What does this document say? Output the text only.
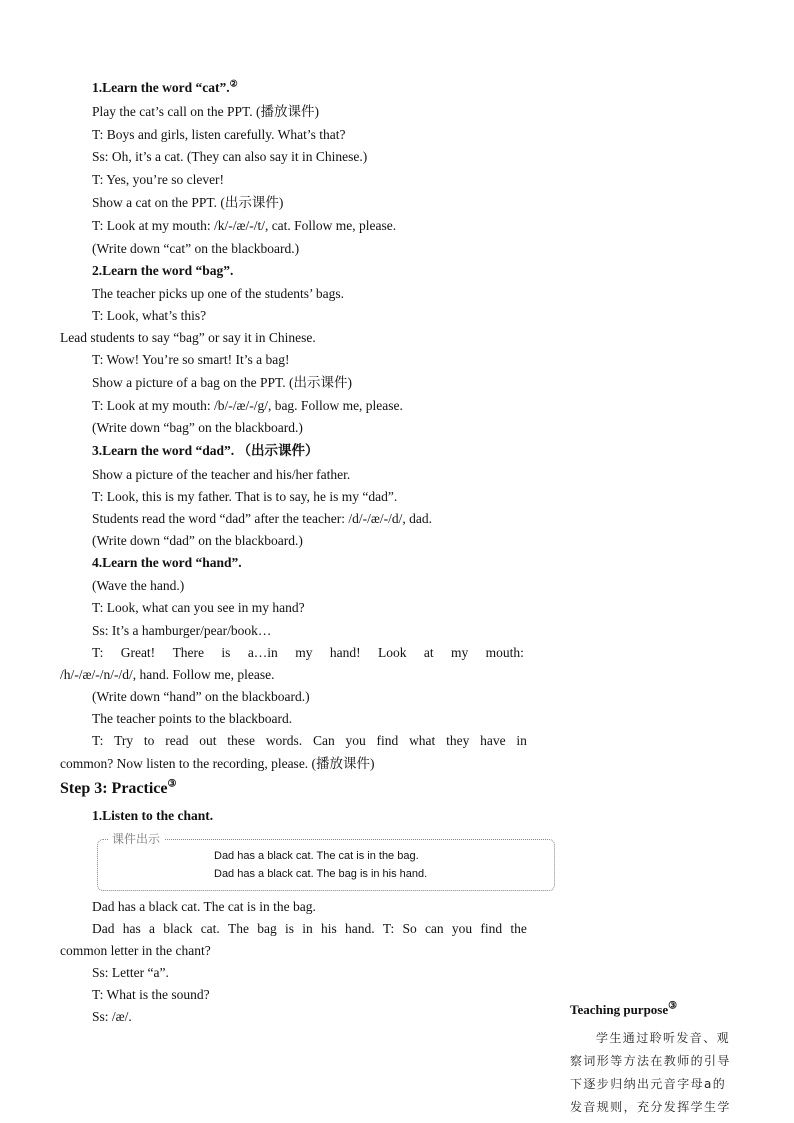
1.Learn the word “cat”.②
Play the cat’s call on the PPT. (播放课件)
T: Boys and girls, listen carefully. What’s that?
Ss: Oh, it’s a cat. (They can also say it in Chinese.)
T: Yes, you’re so clever!
Show a cat on the PPT. (出示课件)
T: Look at my mouth: /k/-/æ/-/t/, cat. Follow me, please.
(Write down “cat” on the blackboard.)
2.Learn the word “bag”.
The teacher picks up one of the students’ bags.
T: Look, what’s this?
Lead students to say “bag” or say it in Chinese.
T: Wow! You’re so smart! It’s a bag!
Show a picture of a bag on the PPT. (出示课件)
T: Look at my mouth: /b/-/æ/-/g/, bag. Follow me, please.
(Write down “bag” on the blackboard.)
3.Learn the word “dad”. （出示课件）
Show a picture of the teacher and his/her father.
T: Look, this is my father. That is to say, he is my “dad”.
Students read the word “dad” after the teacher: /d/-/æ/-/d/, dad.
(Write down “dad” on the blackboard.)
4.Learn the word “hand”.
(Wave the hand.)
T: Look, what can you see in my hand?
Ss: It’s a hamburger/pear/book…
T: Great! There is a…in my hand! Look at my mouth:
/h/-/æ/-/n/-/d/, hand. Follow me, please.
(Write down “hand” on the blackboard.)
The teacher points to the blackboard.
T: Try to read out these words. Can you find what they have in
common? Now listen to the recording, please. (播放课件)
Step 3: Practice③
1.Listen to the chant.
课件出示
Dad has a black cat. The cat is in the bag.
Dad has a black cat. The bag is in his hand.
Dad has a black cat. The cat is in the bag.
Dad has a black cat. The bag is in his hand. T: So can you find the
common letter in the chant?
Ss: Letter “a”.
T: What is the sound?
Ss: /æ/.	Teaching purpose③
学生通过聆听发音、观
察词形等方法在教师的引导
下逐步归纳出元音字母a的
发音规则，充分发挥学生学
